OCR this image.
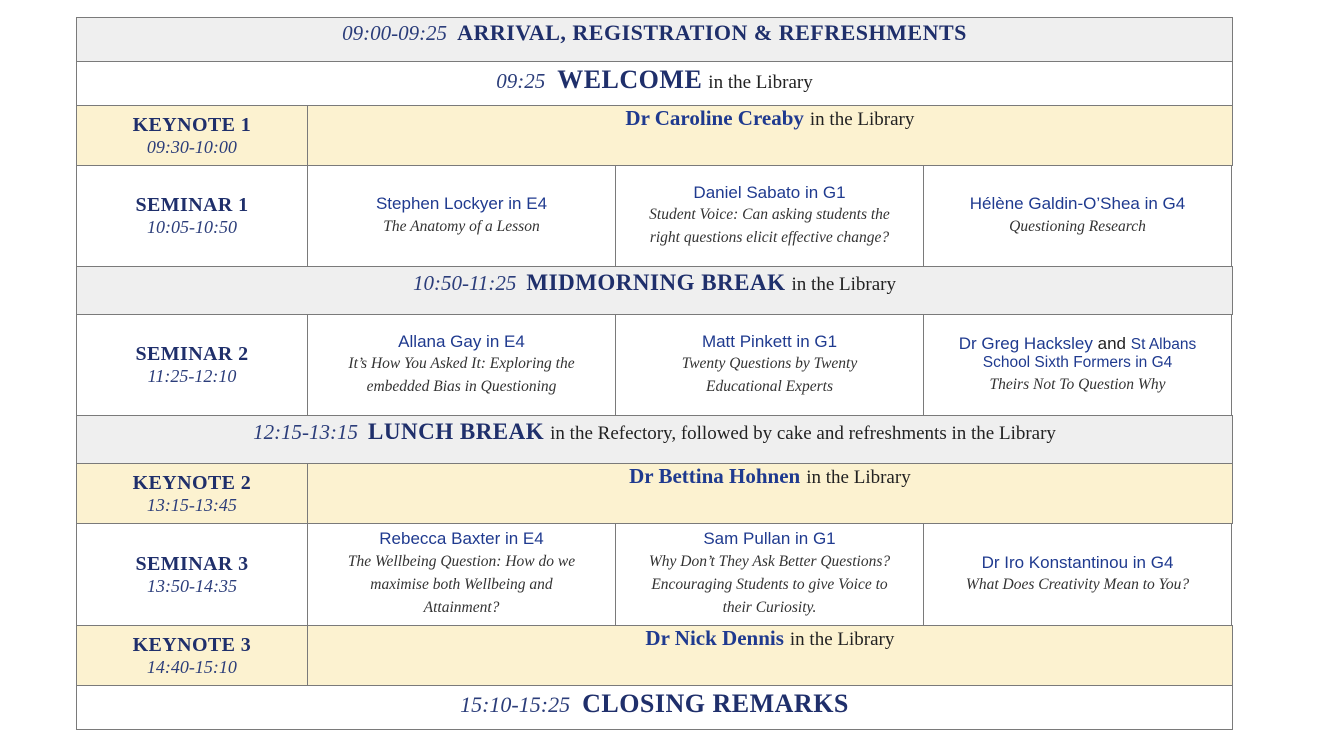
09:00-09:25 ARRIVAL, REGISTRATION & REFRESHMENTS
09:25 WELCOME in the Library
KEYNOTE 1
09:30-10:00
Dr Caroline Creaby in the Library
SEMINAR 1
10:05-10:50
Stephen Lockyer in E4
The Anatomy of a Lesson
Daniel Sabato in G1
Student Voice: Can asking students the
right questions elicit effective change?
Hélène Galdin-O’Shea in G4
Questioning Research
10:50-11:25 MIDMORNING BREAK in the Library
SEMINAR 2
11:25-12:10
Allana Gay in E4
It’s How You Asked It: Exploring the
embedded Bias in Questioning
Matt Pinkett in G1
Twenty Questions by Twenty
Educational Experts
Dr Greg Hacksley and St Albans
School Sixth Formers in G4
Theirs Not To Question Why
12:15-13:15 LUNCH BREAK in the Refectory, followed by cake and refreshments in the Library
KEYNOTE 2
13:15-13:45
Dr Bettina Hohnen in the Library
SEMINAR 3
13:50-14:35
Rebecca Baxter in E4
The Wellbeing Question: How do we
maximise both Wellbeing and
Attainment?
Sam Pullan in G1
Why Don’t They Ask Better Questions?
Encouraging Students to give Voice to
their Curiosity.
Dr Iro Konstantinou in G4
What Does Creativity Mean to You?
KEYNOTE 3
14:40-15:10
Dr Nick Dennis in the Library
15:10-15:25 CLOSING REMARKS
